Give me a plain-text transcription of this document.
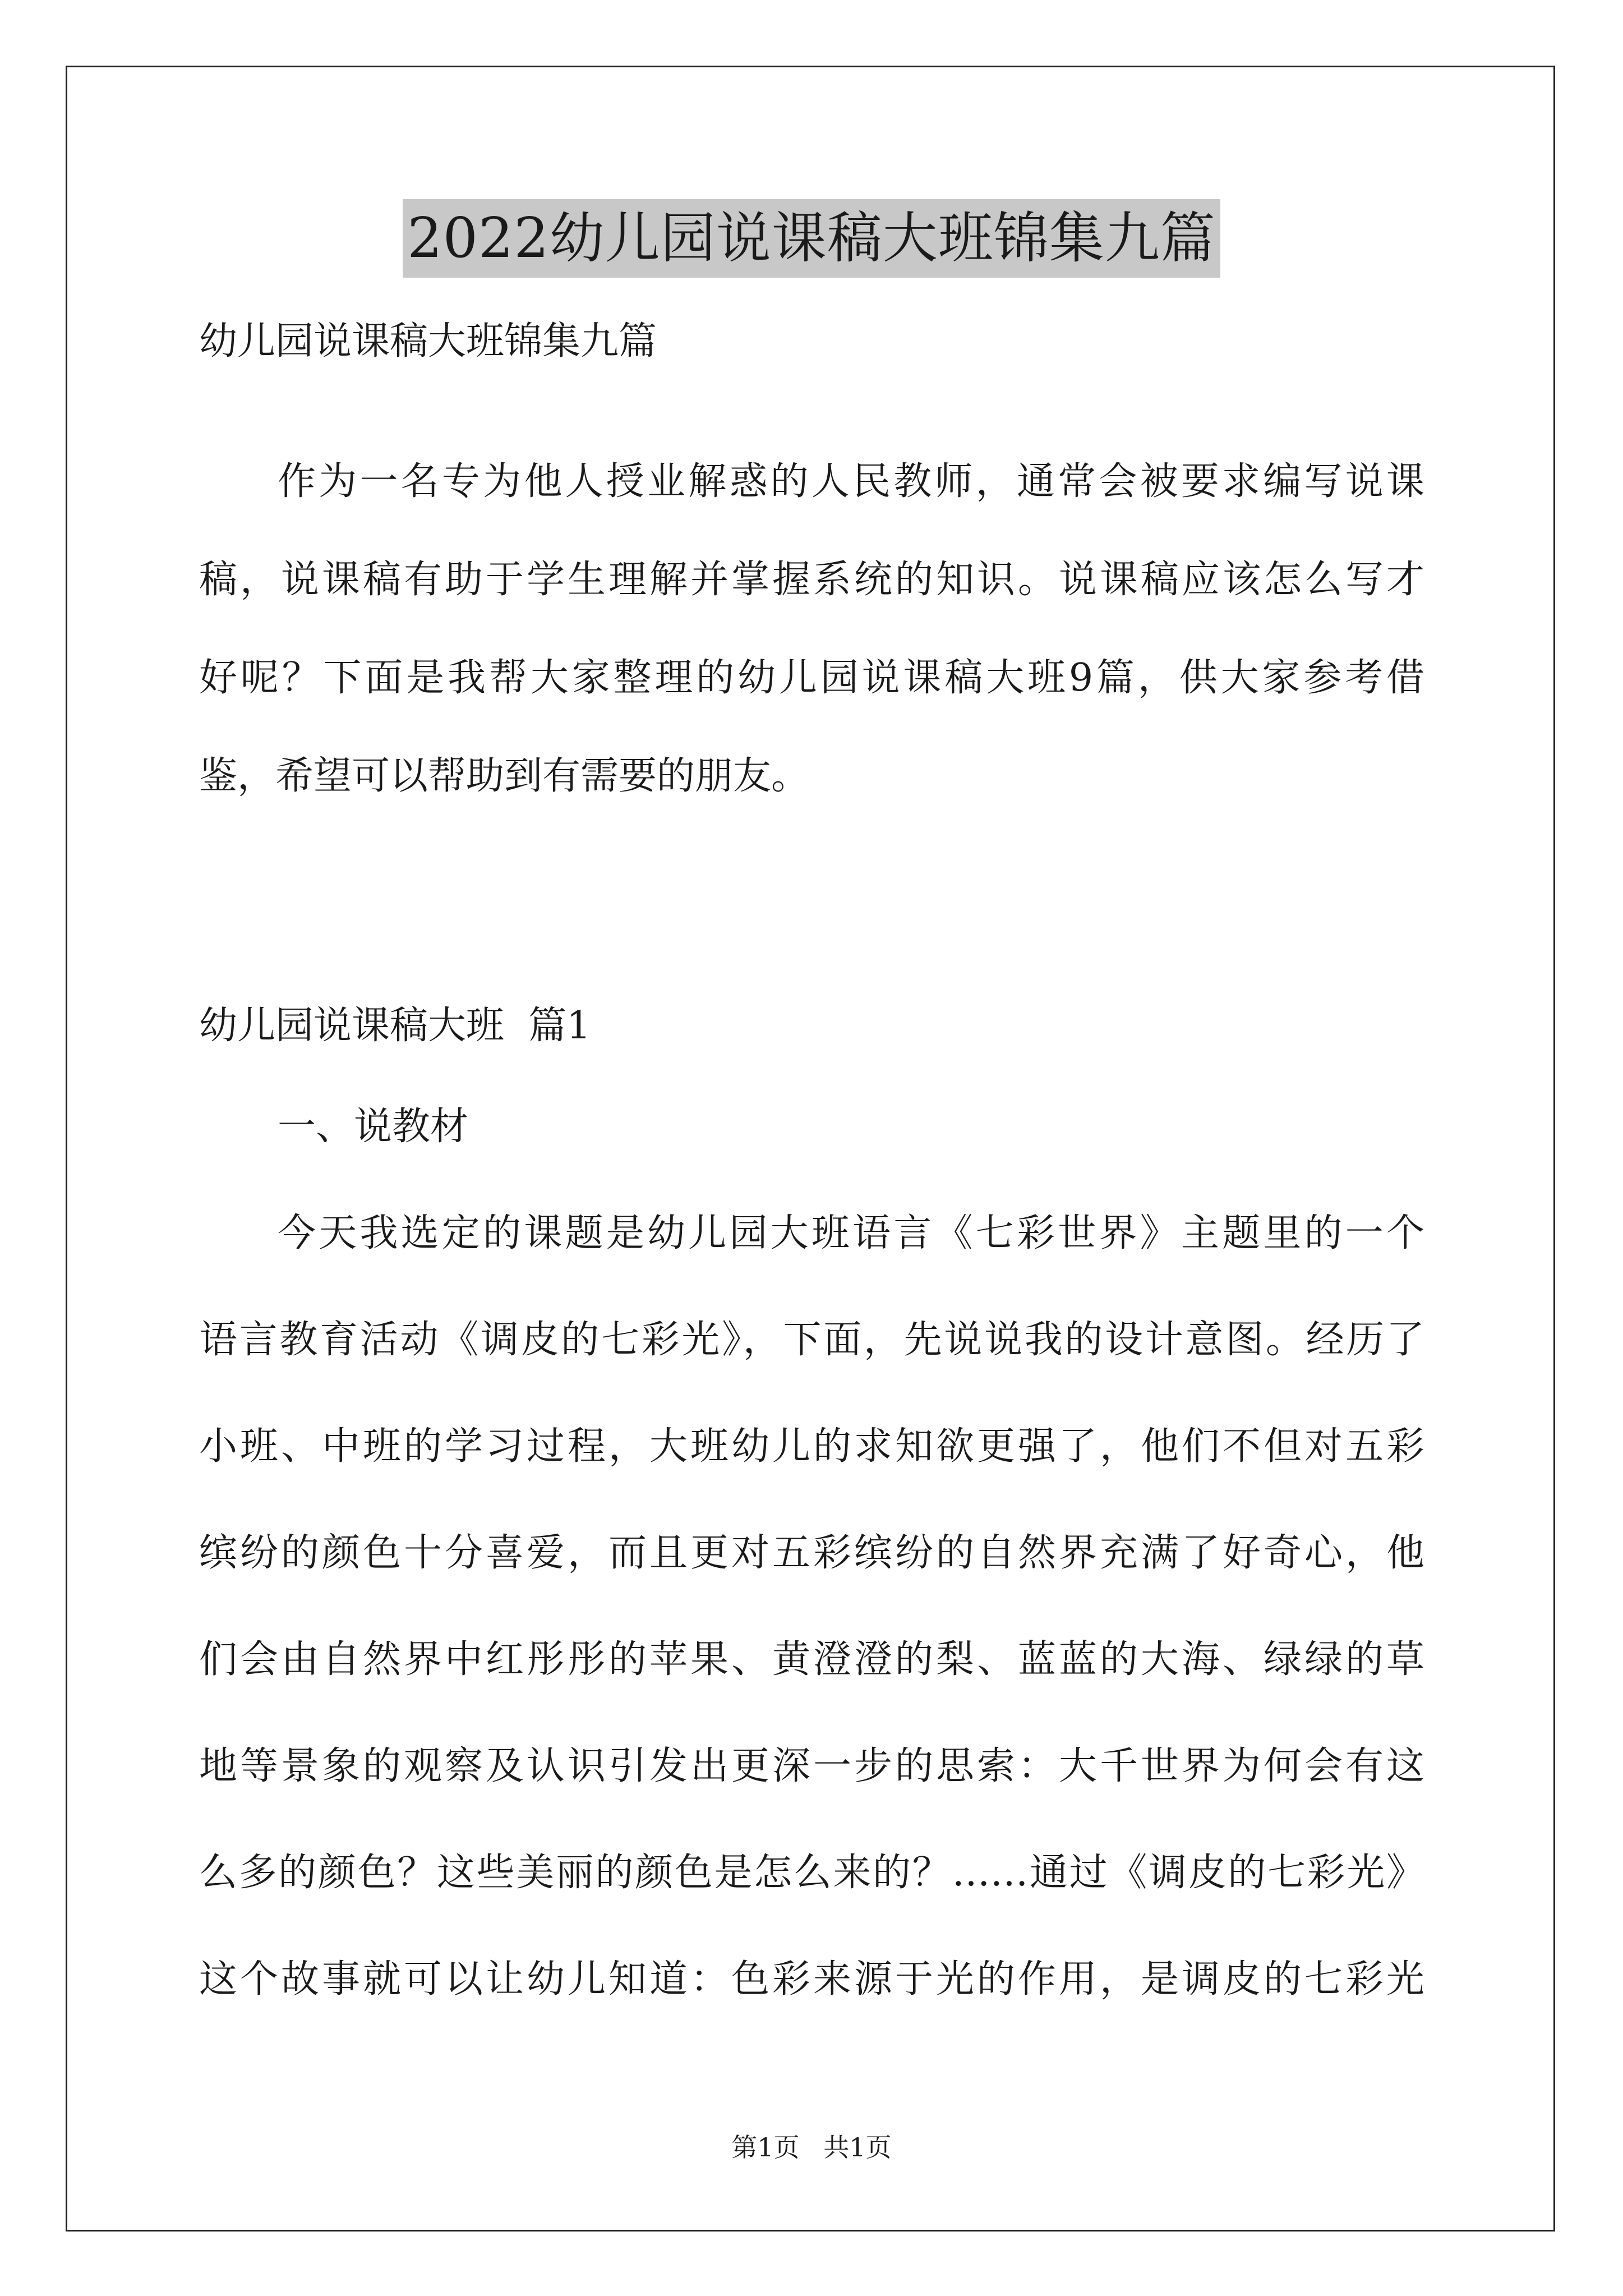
2022幼儿园说课稿大班锦集九篇
幼儿园说课稿大班锦集九篇
作为一名专为他人授业解惑的人民教师，通常会被要求编写说课
稿，说课稿有助于学生理解并掌握系统的知识。说课稿应该怎么写才
好呢？下面是我帮大家整理的幼儿园说课稿大班9篇，供大家参考借
鉴，希望可以帮助到有需要的朋友。
幼儿园说课稿大班  篇1
一、说教材
今天我选定的课题是幼儿园大班语言《七彩世界》主题里的一个
语言教育活动《调皮的七彩光》，下面，先说说我的设计意图。经历了
小班、中班的学习过程，大班幼儿的求知欲更强了，他们不但对五彩
缤纷的颜色十分喜爱，而且更对五彩缤纷的自然界充满了好奇心，他
们会由自然界中红彤彤的苹果、黄澄澄的梨、蓝蓝的大海、绿绿的草
地等景象的观察及认识引发出更深一步的思索：大千世界为何会有这
么多的颜色？这些美丽的颜色是怎么来的？……通过《调皮的七彩光》
这个故事就可以让幼儿知道：色彩来源于光的作用，是调皮的七彩光
第1页 共1页
